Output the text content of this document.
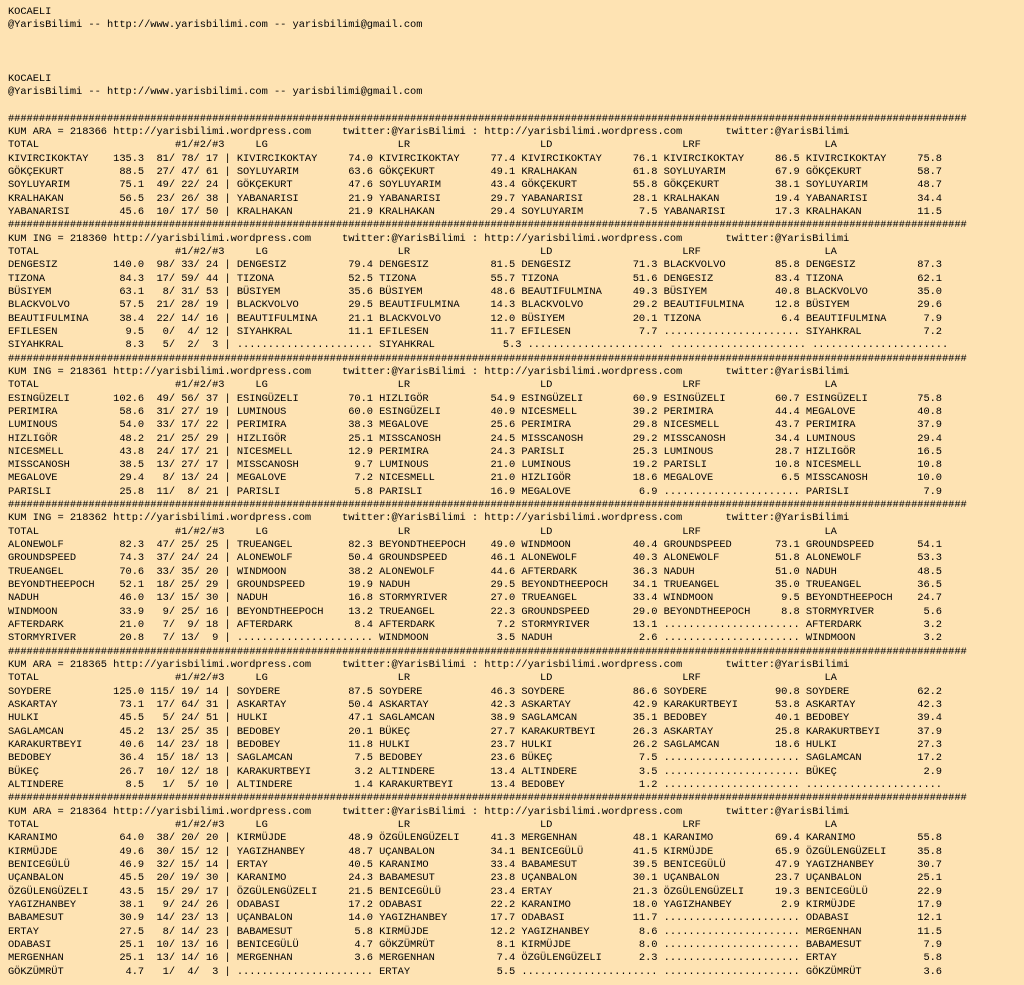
KOCAELI
@YarisBilimi -- http://www.yarisbilimi.com -- yarisbilimi@gmail.com

KOCAELI
@YarisBilimi -- http://www.yarisbilimi.com -- yarisbilimi@gmail.com

###########################################################################################################################################################
KUM ARA = 218366 http://yarisbilimi.wordpress.com     twitter:@YarisBilimi : http://yarisbilimi.wordpress.com       twitter:@YarisBilimi
TOTAL                      #1/#2/#3     LG                     LR                     LD                     LRF                    LA
KIVIRCIKOKTAY    135.3  81/ 78/ 17 | KIVIRCIKOKTAY     74.0 KIVIRCIKOKTAY     77.4 KIVIRCIKOKTAY     76.1 KIVIRCIKOKTAY     86.5 KIVIRCIKOKTAY     75.8
GÖKÇEKURT         88.5  27/ 47/ 61 | SOYLUYARIM        63.6 GÖKÇEKURT         49.1 KRALHAKAN         61.8 SOYLUYARIM        67.9 GÖKÇEKURT         58.7
SOYLUYARIM        75.1  49/ 22/ 24 | GÖKÇEKURT         47.6 SOYLUYARIM        43.4 GÖKÇEKURT         55.8 GÖKÇEKURT         38.1 SOYLUYARIM        48.7
KRALHAKAN         56.5  23/ 26/ 38 | YABANARISI        21.9 YABANARISI        29.7 YABANARISI        28.1 KRALHAKAN         19.4 YABANARISI        34.4
YABANARISI        45.6  10/ 17/ 50 | KRALHAKAN         21.9 KRALHAKAN         29.4 SOYLUYARIM         7.5 YABANARISI        17.3 KRALHAKAN         11.5
###########################################################################################################################################################
KUM ING = 218360 http://yarisbilimi.wordpress.com     twitter:@YarisBilimi : http://yarisbilimi.wordpress.com       twitter:@YarisBilimi
TOTAL                      #1/#2/#3     LG                     LR                     LD                     LRF                    LA
DENGESIZ         140.0  98/ 33/ 24 | DENGESIZ          79.4 DENGESIZ          81.5 DENGESIZ          71.3 BLACKVOLVO        85.8 DENGESIZ          87.3
TIZONA            84.3  17/ 59/ 44 | TIZONA            52.5 TIZONA            55.7 TIZONA            51.6 DENGESIZ          83.4 TIZONA            62.1
BÜSIYEM           63.1   8/ 31/ 53 | BÜSIYEM           35.6 BÜSIYEM           48.6 BEAUTIFULMINA     49.3 BÜSIYEM           40.8 BLACKVOLVO        35.0
BLACKVOLVO        57.5  21/ 28/ 19 | BLACKVOLVO        29.5 BEAUTIFULMINA     14.3 BLACKVOLVO        29.2 BEAUTIFULMINA     12.8 BÜSIYEM           29.6
BEAUTIFULMINA     38.4  22/ 14/ 16 | BEAUTIFULMINA     21.1 BLACKVOLVO        12.0 BÜSIYEM           20.1 TIZONA             6.4 BEAUTIFULMINA      7.9
EFILESEN           9.5   0/  4/ 12 | SIYAHKRAL         11.1 EFILESEN          11.7 EFILESEN           7.7 ...................... SIYAHKRAL          7.2
SIYAHKRAL          8.3   5/  2/  3 | ...................... SIYAHKRAL           5.3 ...................... ...................... ......................
###########################################################################################################################################################
KUM ING = 218361 http://yarisbilimi.wordpress.com     twitter:@YarisBilimi : http://yarisbilimi.wordpress.com       twitter:@YarisBilimi
TOTAL                      #1/#2/#3     LG                     LR                     LD                     LRF                    LA
ESINGÜZELI       102.6  49/ 56/ 37 | ESINGÜZELI        70.1 HIZLIGÖR          54.9 ESINGÜZELI        60.9 ESINGÜZELI        60.7 ESINGÜZELI        75.8
PERIMIRA          58.6  31/ 27/ 19 | LUMINOUS          60.0 ESINGÜZELI        40.9 NICESMELL         39.2 PERIMIRA          44.4 MEGALOVE          40.8
LUMINOUS          54.0  33/ 17/ 22 | PERIMIRA          38.3 MEGALOVE          25.6 PERIMIRA          29.8 NICESMELL         43.7 PERIMIRA          37.9
HIZLIGÖR          48.2  21/ 25/ 29 | HIZLIGÖR          25.1 MISSCANOSH        24.5 MISSCANOSH        29.2 MISSCANOSH        34.4 LUMINOUS          29.4
NICESMELL         43.8  24/ 17/ 21 | NICESMELL         12.9 PERIMIRA          24.3 PARISLI           25.3 LUMINOUS          28.7 HIZLIGÖR          16.5
MISSCANOSH        38.5  13/ 27/ 17 | MISSCANOSH         9.7 LUMINOUS          21.0 LUMINOUS          19.2 PARISLI           10.8 NICESMELL         10.8
MEGALOVE          29.4   8/ 13/ 24 | MEGALOVE           7.2 NICESMELL         21.0 HIZLIGÖR          18.6 MEGALOVE           6.5 MISSCANOSH        10.0
PARISLI           25.8  11/  8/ 21 | PARISLI            5.8 PARISLI           16.9 MEGALOVE           6.9 ...................... PARISLI            7.9
###########################################################################################################################################################
KUM ING = 218362 http://yarisbilimi.wordpress.com     twitter:@YarisBilimi : http://yarisbilimi.wordpress.com       twitter:@YarisBilimi
TOTAL                      #1/#2/#3     LG                     LR                     LD                     LRF                    LA
ALONEWOLF         82.3  47/ 25/ 25 | TRUEANGEL         82.3 BEYONDTHEEPOCH    49.0 WINDMOON          40.4 GROUNDSPEED       73.1 GROUNDSPEED       54.1
GROUNDSPEED       74.3  37/ 24/ 24 | ALONEWOLF         50.4 GROUNDSPEED       46.1 ALONEWOLF         40.3 ALONEWOLF         51.8 ALONEWOLF         53.3
TRUEANGEL         70.6  33/ 35/ 20 | WINDMOON          38.2 ALONEWOLF         44.6 AFTERDARK         36.3 NADUH             51.0 NADUH             48.5
BEYONDTHEEPOCH    52.1  18/ 25/ 29 | GROUNDSPEED       19.9 NADUH             29.5 BEYONDTHEEPOCH    34.1 TRUEANGEL         35.0 TRUEANGEL         36.5
NADUH             46.0  13/ 15/ 30 | NADUH             16.8 STORMYRIVER       27.0 TRUEANGEL         33.4 WINDMOON           9.5 BEYONDTHEEPOCH    24.7
WINDMOON          33.9   9/ 25/ 16 | BEYONDTHEEPOCH    13.2 TRUEANGEL         22.3 GROUNDSPEED       29.0 BEYONDTHEEPOCH     8.8 STORMYRIVER        5.6
AFTERDARK         21.0   7/  9/ 18 | AFTERDARK          8.4 AFTERDARK          7.2 STORMYRIVER       13.1 ...................... AFTERDARK          3.2
STORMYRIVER       20.8   7/ 13/  9 | ...................... WINDMOON           3.5 NADUH              2.6 ...................... WINDMOON           3.2
###########################################################################################################################################################
KUM ARA = 218365 http://yarisbilimi.wordpress.com     twitter:@YarisBilimi : http://yarisbilimi.wordpress.com       twitter:@YarisBilimi
TOTAL                      #1/#2/#3     LG                     LR                     LD                     LRF                    LA
SOYDERE          125.0 115/ 19/ 14 | SOYDERE           87.5 SOYDERE           46.3 SOYDERE           86.6 SOYDERE           90.8 SOYDERE           62.2
ASKARTAY          73.1  17/ 64/ 31 | ASKARTAY          50.4 ASKARTAY          42.3 ASKARTAY          42.9 KARAKURTBEYI      53.8 ASKARTAY          42.3
HULKI             45.5   5/ 24/ 51 | HULKI             47.1 SAGLAMCAN         38.9 SAGLAMCAN         35.1 BEDOBEY           40.1 BEDOBEY           39.4
SAGLAMCAN         45.2  13/ 25/ 35 | BEDOBEY           20.1 BÜKEÇ             27.7 KARAKURTBEYI      26.3 ASKARTAY          25.8 KARAKURTBEYI      37.9
KARAKURTBEYI      40.6  14/ 23/ 18 | BEDOBEY           11.8 HULKI             23.7 HULKI             26.2 SAGLAMCAN         18.6 HULKI             27.3
BEDOBEY           36.4  15/ 18/ 13 | SAGLAMCAN          7.5 BEDOBEY           23.6 BÜKEÇ              7.5 ...................... SAGLAMCAN         17.2
BÜKEÇ             26.7  10/ 12/ 18 | KARAKURTBEYI       3.2 ALTINDERE         13.4 ALTINDERE          3.5 ...................... BÜKEÇ              2.9
ALTINDERE          8.5   1/  5/ 10 | ALTINDERE          1.4 KARAKURTBEYI      13.4 BEDOBEY            1.2 ...................... ......................
###########################################################################################################################################################
KUM ARA = 218364 http://yarisbilimi.wordpress.com     twitter:@YarisBilimi : http://yarisbilimi.wordpress.com       twitter:@YarisBilimi
TOTAL                      #1/#2/#3     LG                     LR                     LD                     LRF                    LA
KARANIMO          64.0  38/ 20/ 20 | KIRMÜJDE          48.9 ÖZGÜLENGÜZELI     41.3 MERGENHAN         48.1 KARANIMO          69.4 KARANIMO          55.8
KIRMÜJDE          49.6  30/ 15/ 12 | YAGIZHANBEY       48.7 UÇANBALON         34.1 BENICEGÜLÜ        41.5 KIRMÜJDE          65.9 ÖZGÜLENGÜZELI     35.8
BENICEGÜLÜ        46.9  32/ 15/ 14 | ERTAY             40.5 KARANIMO          33.4 BABAMESUT         39.5 BENICEGÜLÜ        47.9 YAGIZHANBEY       30.7
UÇANBALON         45.5  20/ 19/ 30 | KARANIMO          24.3 BABAMESUT         23.8 UÇANBALON         30.1 UÇANBALON         23.7 UÇANBALON         25.1
ÖZGÜLENGÜZELI     43.5  15/ 29/ 17 | ÖZGÜLENGÜZELI     21.5 BENICEGÜLÜ        23.4 ERTAY             21.3 ÖZGÜLENGÜZELI     19.3 BENICEGÜLÜ        22.9
YAGIZHANBEY       38.1   9/ 24/ 26 | ODABASI           17.2 ODABASI           22.2 KARANIMO          18.0 YAGIZHANBEY        2.9 KIRMÜJDE          17.9
BABAMESUT         30.9  14/ 23/ 13 | UÇANBALON         14.0 YAGIZHANBEY       17.7 ODABASI           11.7 ...................... ODABASI           12.1
ERTAY             27.5   8/ 14/ 23 | BABAMESUT          5.8 KIRMÜJDE          12.2 YAGIZHANBEY        8.6 ...................... MERGENHAN         11.5
ODABASI           25.1  10/ 13/ 16 | BENICEGÜLÜ         4.7 GÖKZÜMRÜT          8.1 KIRMÜJDE           8.0 ...................... BABAMESUT          7.9
MERGENHAN         25.1  13/ 14/ 16 | MERGENHAN          3.6 MERGENHAN          7.4 ÖZGÜLENGÜZELI      2.3 ...................... ERTAY              5.8
GÖKZÜMRÜT          4.7   1/  4/  3 | ...................... ERTAY              5.5 ...................... ...................... GÖKZÜMRÜT          3.6
